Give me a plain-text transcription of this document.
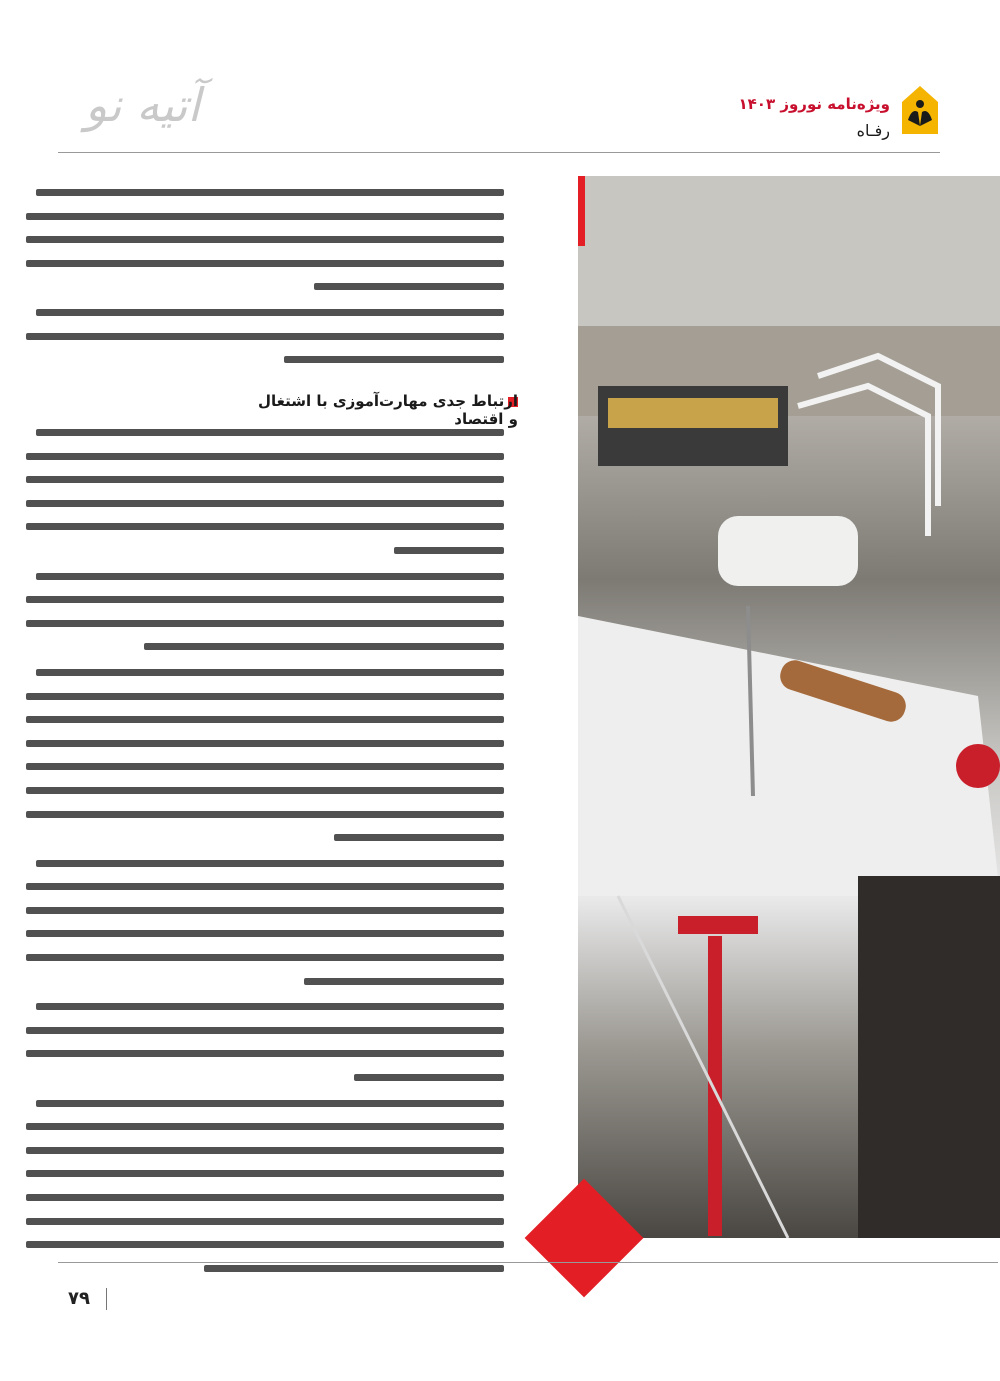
آتیه نو	ویژه‌نامه نوروز ۱۴۰۳
رفـاه
ارتباط جدی مهارت‌آموزی با اشتغال و اقتصاد
۷۹
